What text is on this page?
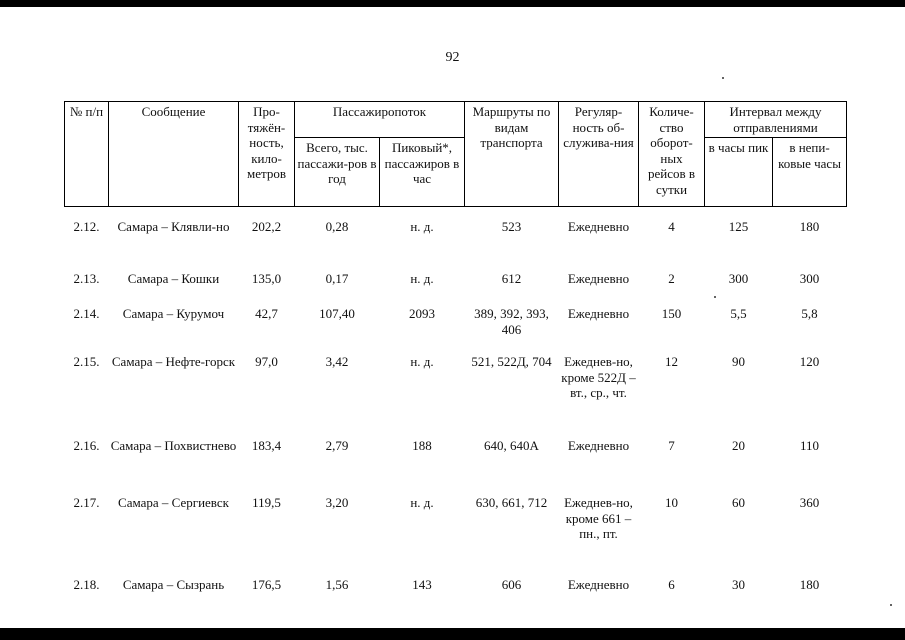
92
№ п/п	Сообщение	Про-тяжён-ность, кило-метров	Пассажиропоток		Маршруты по видам транспорта	Регуляр-ность об-служива-ния	Количе-ство оборот-ных рейсов в сутки	Интервал между отправлениями	
			Всего, тыс. пассажи-ров в год	Пиковый*, пассажиров в час				в часы пик	в непи-ковые часы

2.12.	Самара – Клявли-но	202,2	0,28	н. д.	523	Ежедневно	4	125	180
2.13.	Самара – Кошки	135,0	0,17	н. д.	612	Ежедневно	2	300	300
2.14.	Самара – Курумоч	42,7	107,40	2093	389, 392, 393, 406	Ежедневно	150	5,5	5,8
2.15.	Самара – Нефте-горск	97,0	3,42	н. д.	521, 522Д, 704	Ежеднев-но, кроме 522Д – вт., ср., чт.	12	90	120
2.16.	Самара – Похвистнево	183,4	2,79	188	640, 640А	Ежедневно	7	20	110
2.17.	Самара – Сергиевск	119,5	3,20	н. д.	630, 661, 712	Ежеднев-но, кроме 661 – пн., пт.	10	60	360
2.18.	Самара – Сызрань	176,5	1,56	143	606	Ежедневно	6	30	180
